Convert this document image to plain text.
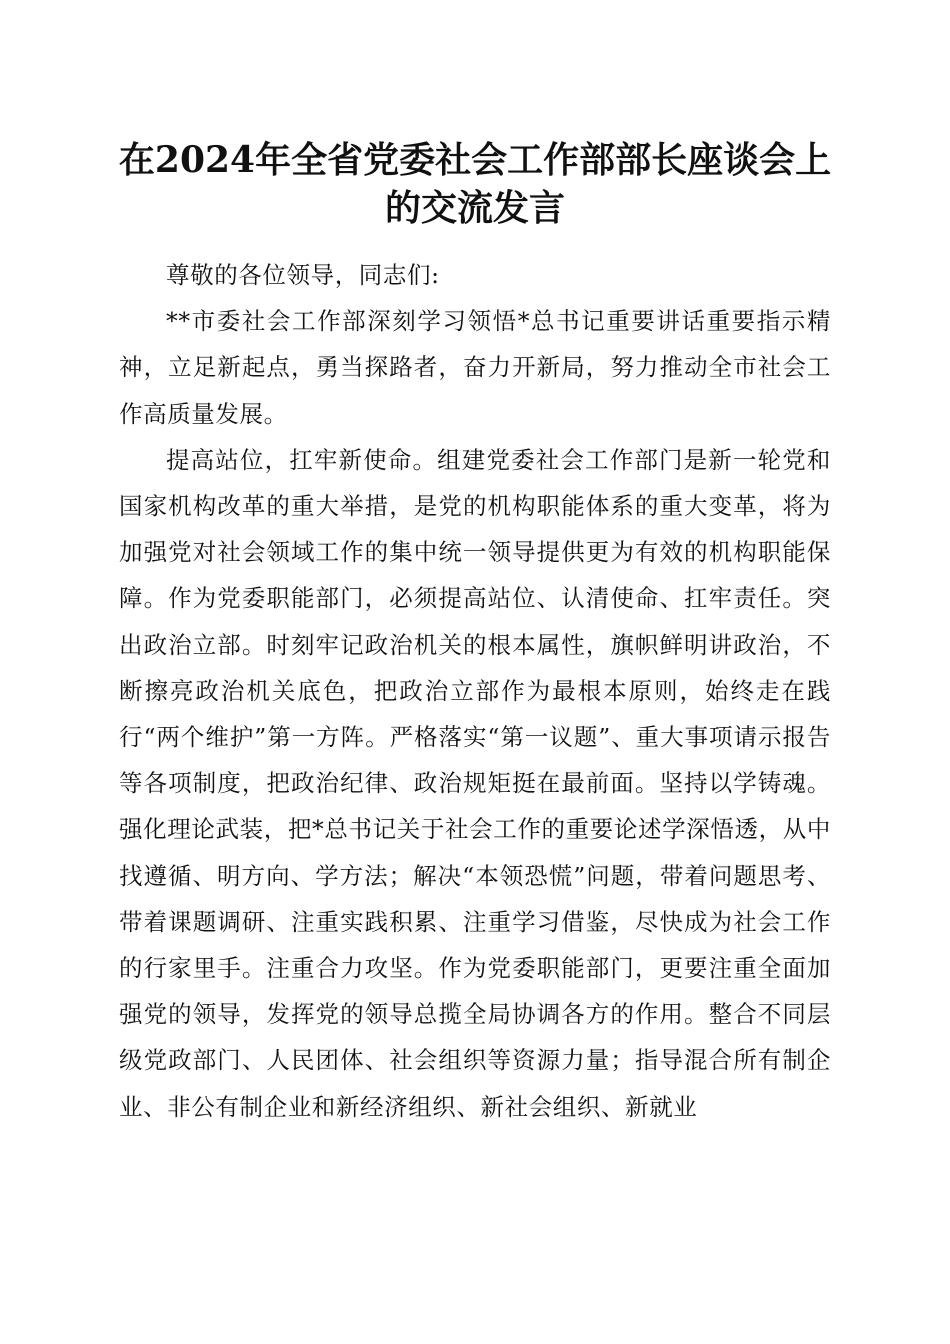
在2024年全省党委社会工作部部长座谈会上的交流发言

尊敬的各位领导，同志们:

**市委社会工作部深刻学习领悟*总书记重要讲话重要指示精神，立足新起点，勇当探路者，奋力开新局，努力推动全市社会工作高质量发展。

提高站位，扛牢新使命。组建党委社会工作部门是新一轮党和国家机构改革的重大举措，是党的机构职能体系的重大变革，将为加强党对社会领域工作的集中统一领导提供更为有效的机构职能保障。作为党委职能部门，必须提高站位、认清使命、扛牢责任。突出政治立部。时刻牢记政治机关的根本属性，旗帜鲜明讲政治，不断擦亮政治机关底色，把政治立部作为最根本原则，始终走在践行“两个维护”第一方阵。严格落实“第一议题”、重大事项请示报告等各项制度，把政治纪律、政治规矩挺在最前面。坚持以学铸魂。强化理论武装，把*总书记关于社会工作的重要论述学深悟透，从中找遵循、明方向、学方法；解决“本领恐慌”问题，带着问题思考、带着课题调研、注重实践积累、注重学习借鉴，尽快成为社会工作的行家里手。注重合力攻坚。作为党委职能部门，更要注重全面加强党的领导，发挥党的领导总揽全局协调各方的作用。整合不同层级党政部门、人民团体、社会组织等资源力量；指导混合所有制企业、非公有制企业和新经济组织、新社会组织、新就业
